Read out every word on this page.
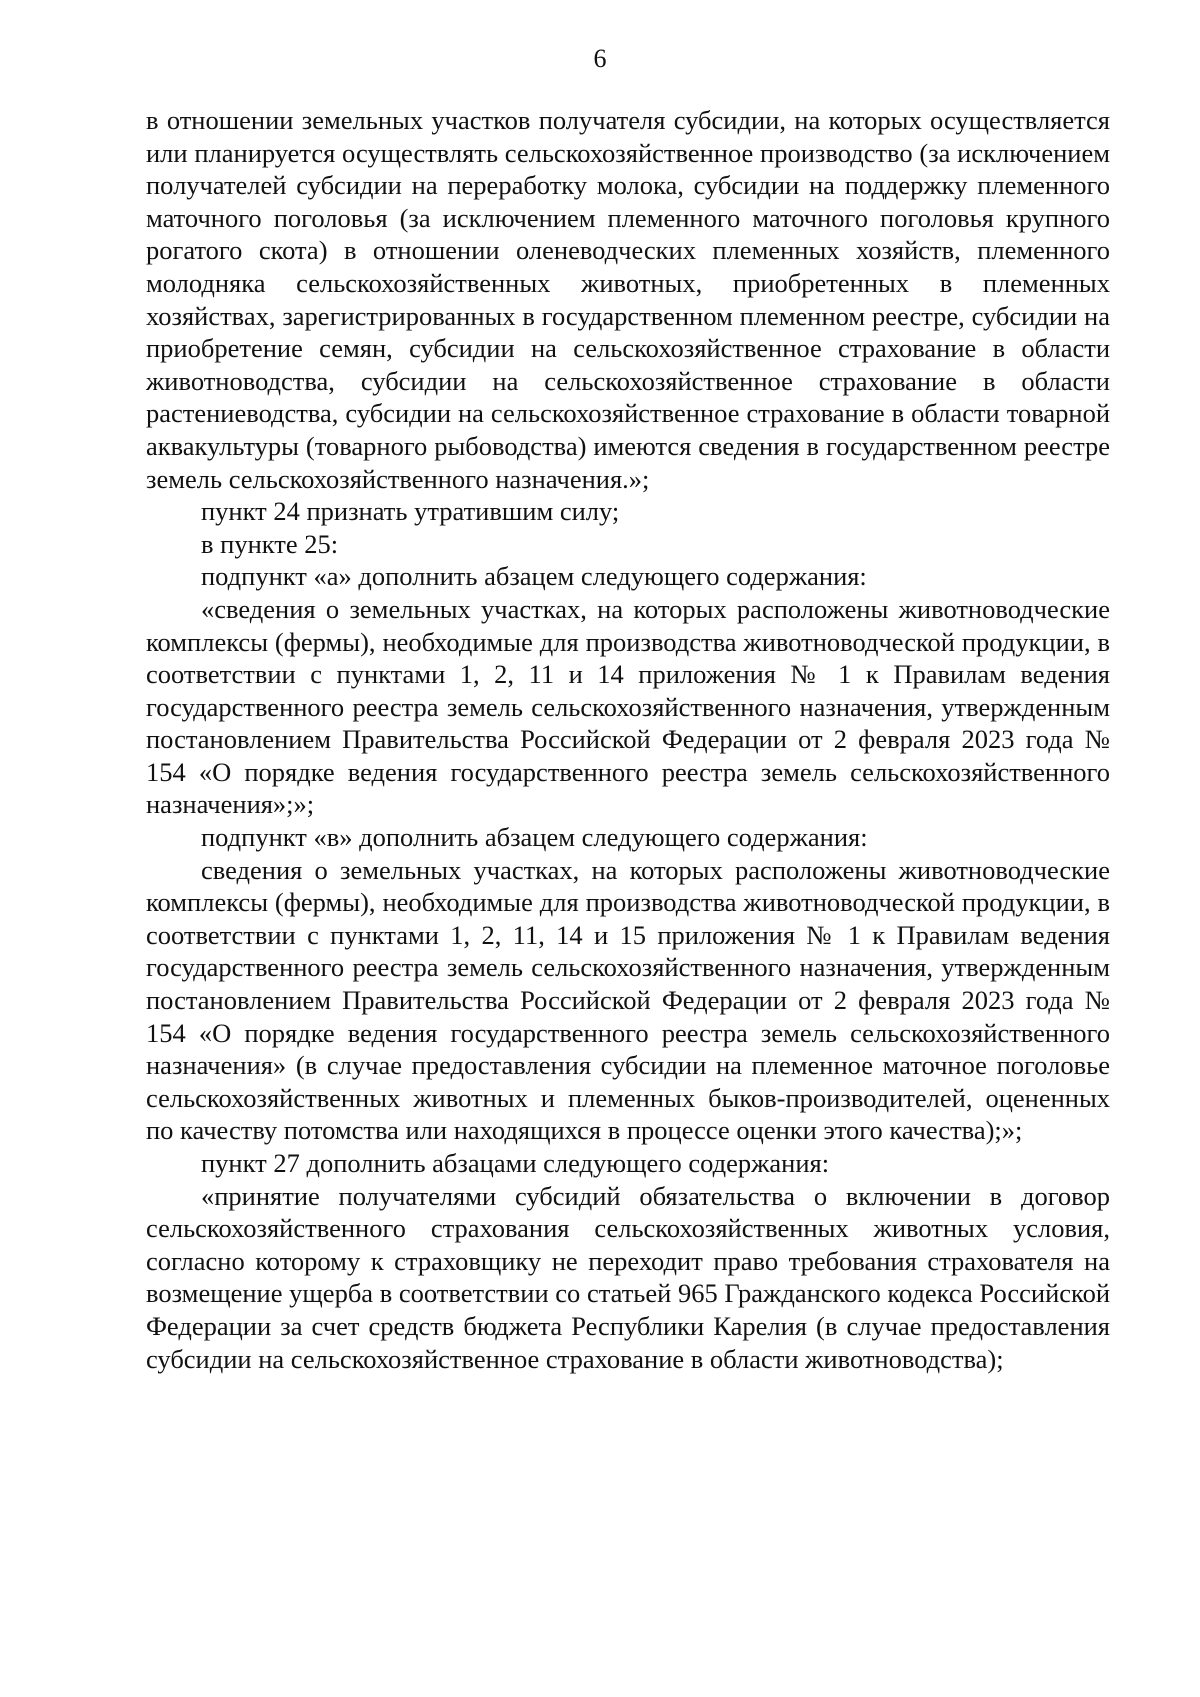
6

в отношении земельных участков получателя субсидии, на которых осуществляется или планируется осуществлять сельскохозяйственное производство (за исключением получателей субсидии на переработку молока, субсидии на поддержку племенного маточного поголовья (за исключением племенного маточного поголовья крупного рогатого скота) в отношении оленеводческих племенных хозяйств, племенного молодняка сельскохозяйственных животных, приобретенных в племенных хозяйствах, зарегистрированных в государственном племенном реестре, субсидии на приобретение семян, субсидии на сельскохозяйственное страхование в области животноводства, субсидии на сельскохозяйственное страхование в области растениеводства, субсидии на сельскохозяйственное страхование в области товарной аквакультуры (товарного рыбоводства) имеются сведения в государственном реестре земель сельскохозяйственного назначения.»;

пункт 24 признать утратившим силу;

в пункте 25:

подпункт «а» дополнить абзацем следующего содержания:

«сведения о земельных участках, на которых расположены животноводческие комплексы (фермы), необходимые для производства животноводческой продукции, в соответствии с пунктами 1, 2, 11 и 14 приложения № 1 к Правилам ведения государственного реестра земель сельскохозяйственного назначения, утвержденным постановлением Правительства Российской Федерации от 2 февраля 2023 года № 154 «О порядке ведения государственного реестра земель сельскохозяйственного назначения»;»;

подпункт «в» дополнить абзацем следующего содержания:

сведения о земельных участках, на которых расположены животноводческие комплексы (фермы), необходимые для производства животноводческой продукции, в соответствии с пунктами 1, 2, 11, 14 и 15 приложения № 1 к Правилам ведения государственного реестра земель сельскохозяйственного назначения, утвержденным постановлением Правительства Российской Федерации от 2 февраля 2023 года № 154 «О порядке ведения государственного реестра земель сельскохозяйственного назначения» (в случае предоставления субсидии на племенное маточное поголовье сельскохозяйственных животных и племенных быков-производителей, оцененных по качеству потомства или находящихся в процессе оценки этого качества);»;

пункт 27 дополнить абзацами следующего содержания:

«принятие получателями субсидий обязательства о включении в договор сельскохозяйственного страхования сельскохозяйственных животных условия, согласно которому к страховщику не переходит право требования страхователя на возмещение ущерба в соответствии со статьей 965 Гражданского кодекса Российской Федерации за счет средств бюджета Республики Карелия (в случае предоставления субсидии на сельскохозяйственное страхование в области животноводства);
